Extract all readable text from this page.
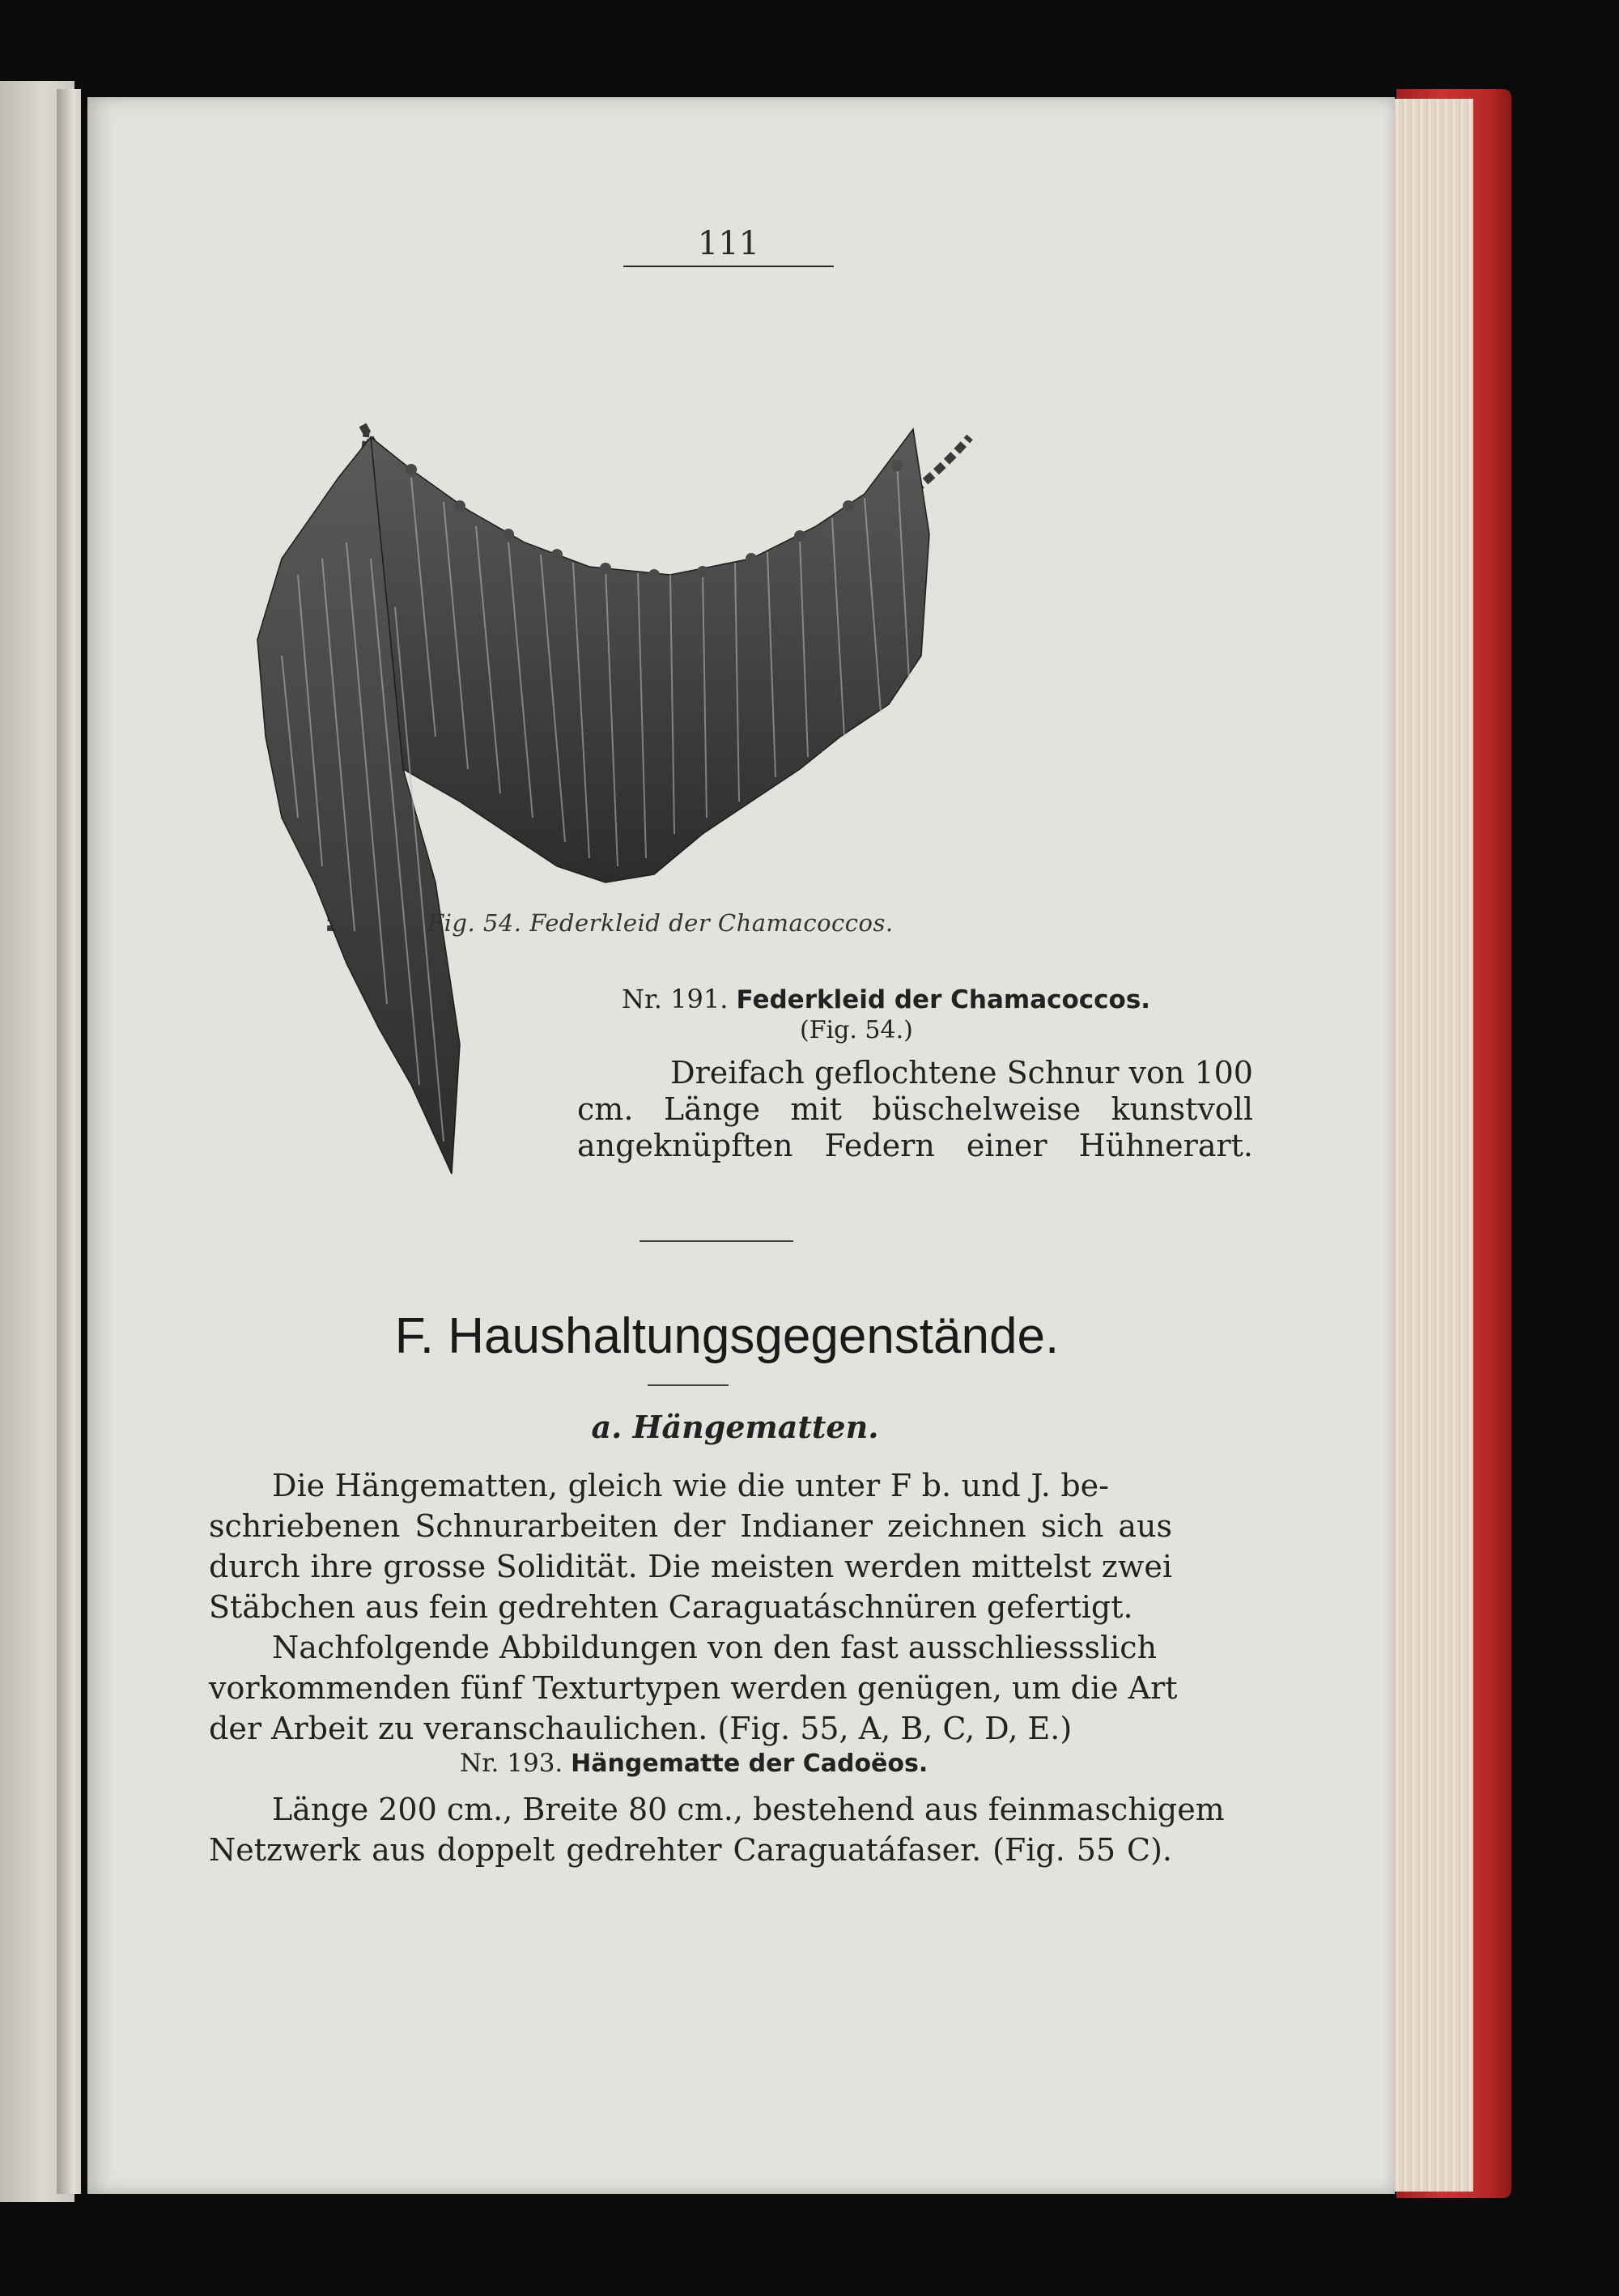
111
Fig. 54. Federkleid der Chamacoccos.
Nr. 191. Federkleid der Chamacoccos.
(Fig. 54.)
Dreifach geflochtene Schnur von 100
cm. Länge mit büschelweise kunstvoll
angeknüpften Federn einer Hühnerart.
F. Haushaltungsgegenstände.
a. Hängematten.
Die Hängematten, gleich wie die unter F b. und J. be-
schriebenen Schnurarbeiten der Indianer zeichnen sich aus
durch ihre grosse Solidität. Die meisten werden mittelst zwei
Stäbchen aus fein gedrehten Caraguatáschnüren gefertigt.
Nachfolgende Abbildungen von den fast ausschliessslich
vorkommenden fünf Texturtypen werden genügen, um die Art
der Arbeit zu veranschaulichen. (Fig. 55, A, B, C, D, E.)
Nr. 193. Hängematte der Cadoëos.
Länge 200 cm., Breite 80 cm., bestehend aus feinmaschigem
Netzwerk aus doppelt gedrehter Caraguatáfaser. (Fig. 55 C).
